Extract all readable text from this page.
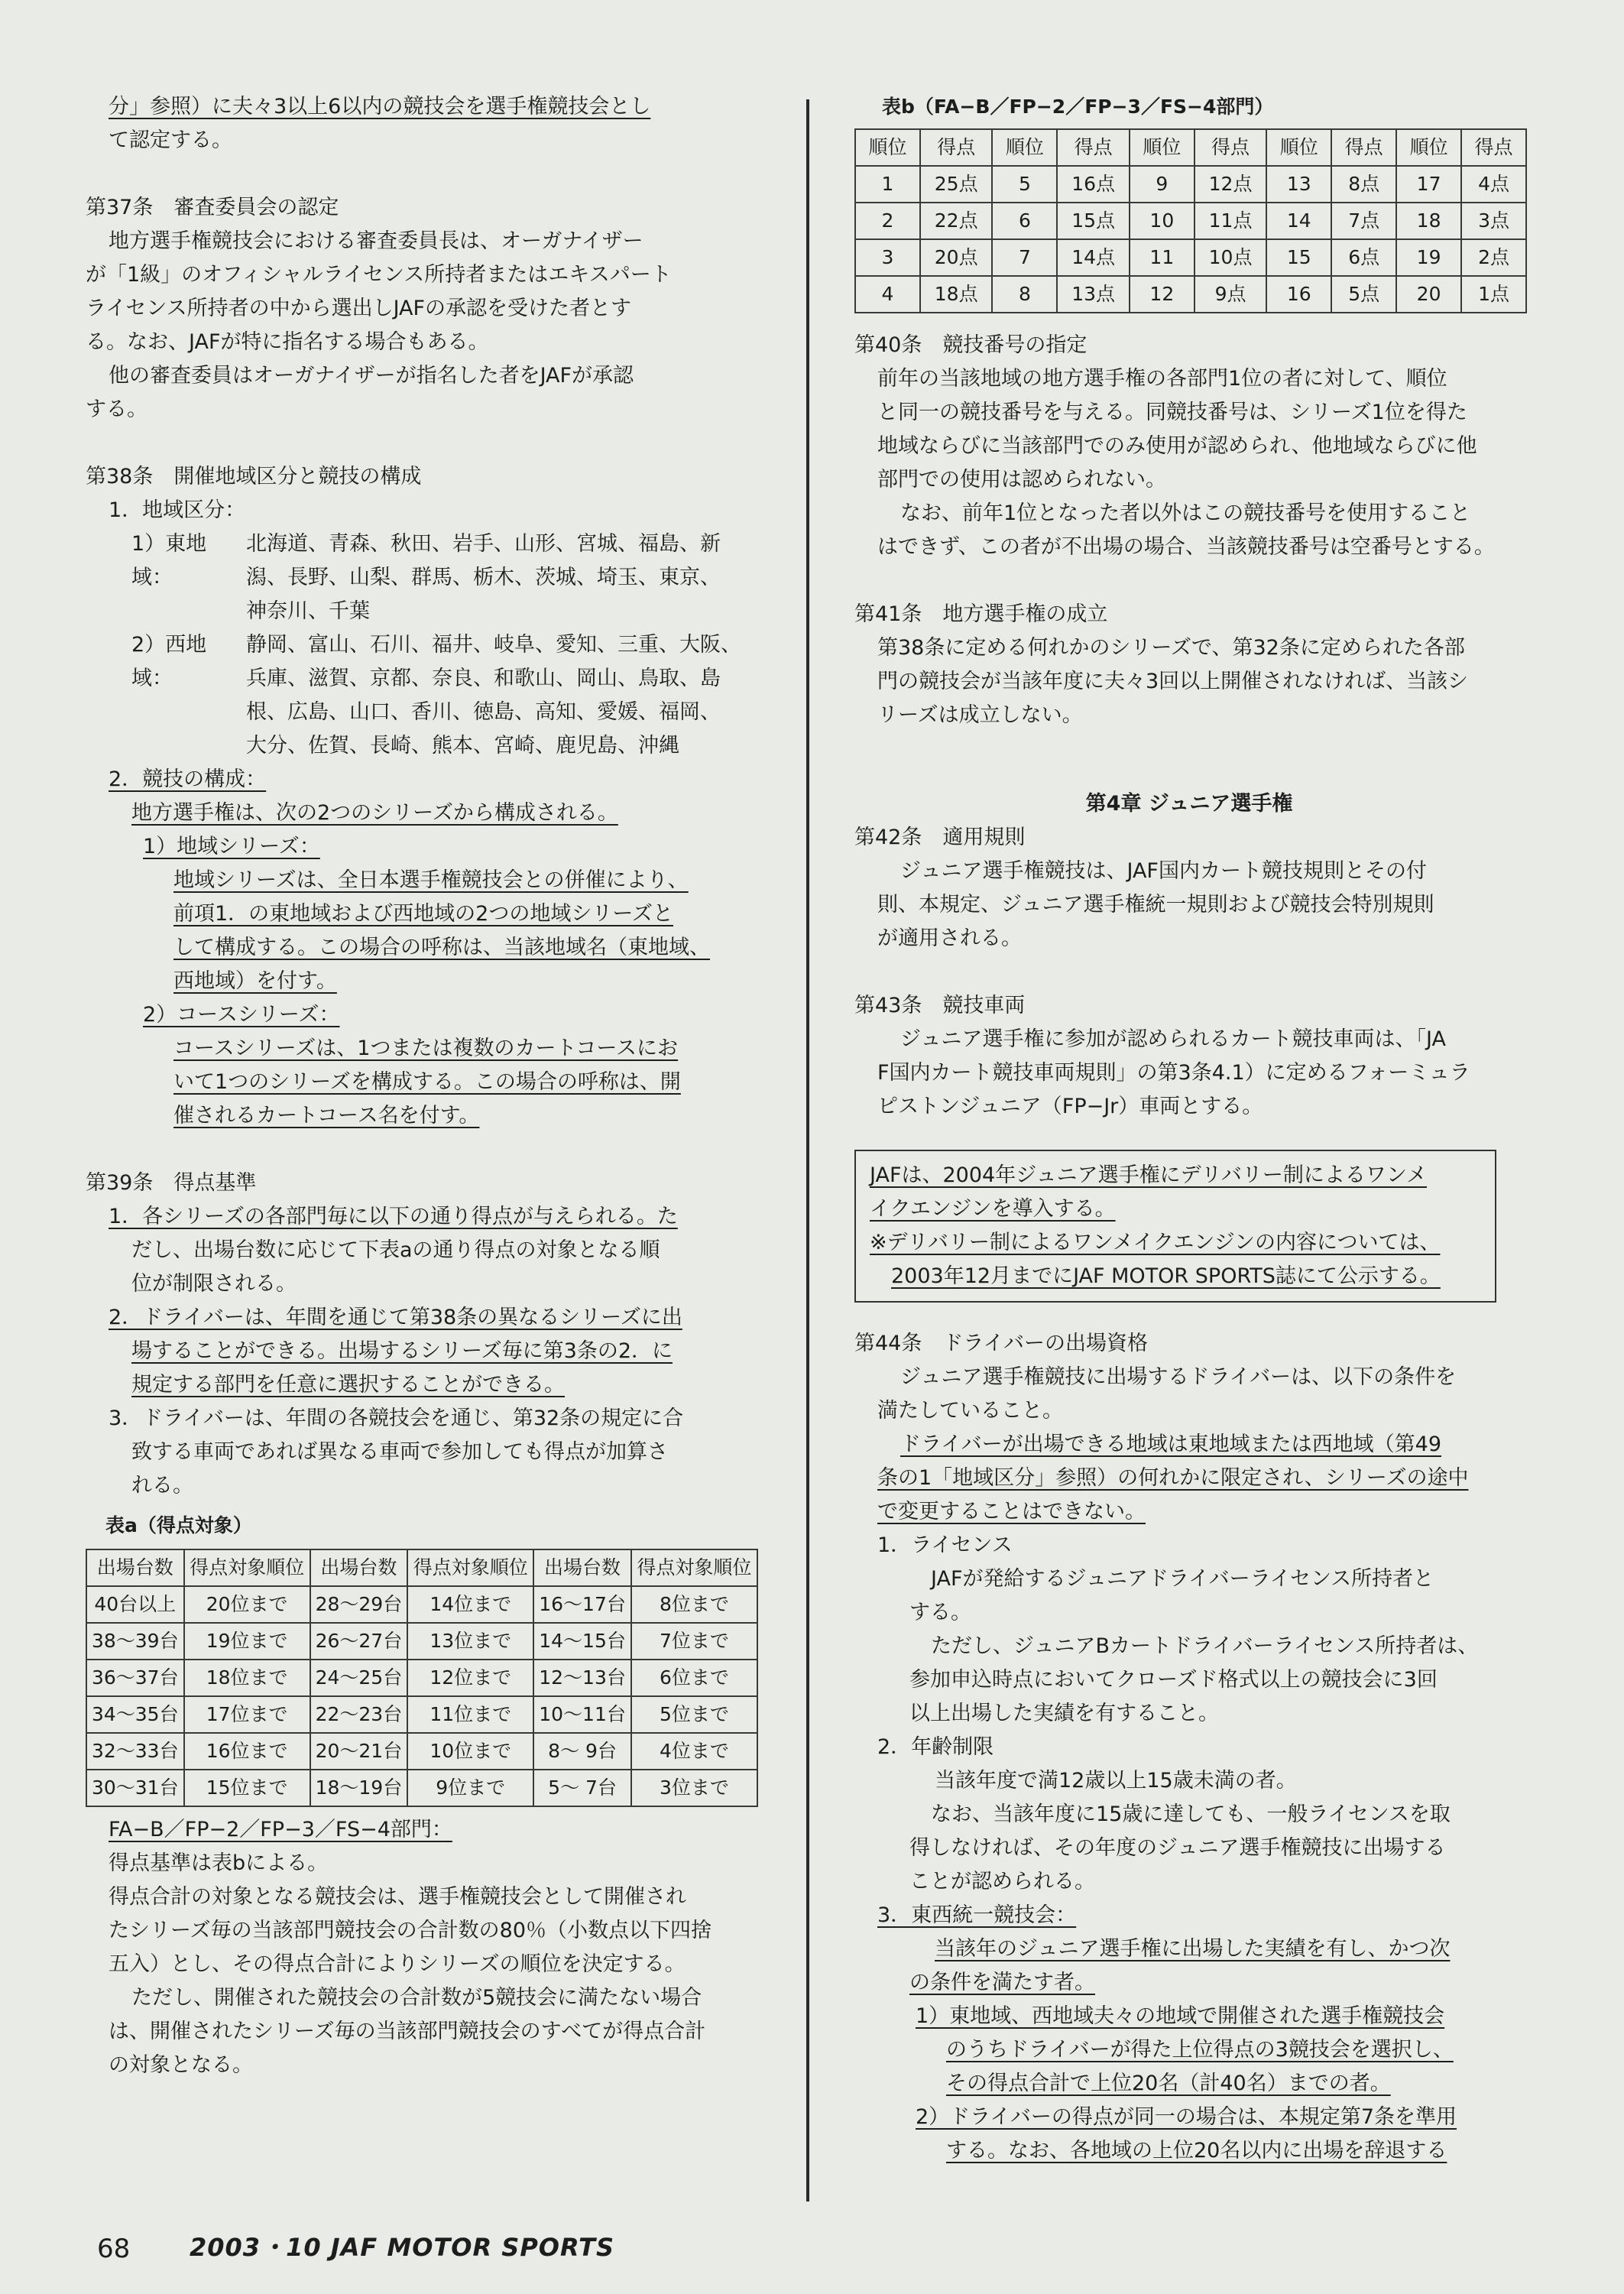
分」参照）に夫々3以上6以内の競技会を選手権競技会とし

て認定する。

第37条　審査委員会の認定

地方選手権競技会における審査委員長は、オーガナイザー

が「1級」のオフィシャルライセンス所持者またはエキスパート

ライセンス所持者の中から選出しJAFの承認を受けた者とす

る。なお、JAFが特に指名する場合もある。

他の審査委員はオーガナイザーが指名した者をJAFが承認

する。

第38条　開催地域区分と競技の構成

1．地域区分：

1）東地域：

北海道、青森、秋田、岩手、山形、宮城、福島、新

潟、長野、山梨、群馬、栃木、茨城、埼玉、東京、

神奈川、千葉

2）西地域：

静岡、富山、石川、福井、岐阜、愛知、三重、大阪、

兵庫、滋賀、京都、奈良、和歌山、岡山、鳥取、島

根、広島、山口、香川、徳島、高知、愛媛、福岡、

大分、佐賀、長崎、熊本、宮崎、鹿児島、沖縄

2．競技の構成：

地方選手権は、次の2つのシリーズから構成される。

1）地域シリーズ：

地域シリーズは、全日本選手権競技会との併催により、

前項1．の東地域および西地域の2つの地域シリーズと

して構成する。この場合の呼称は、当該地域名（東地域、

西地域）を付す。

2）コースシリーズ：

コースシリーズは、1つまたは複数のカートコースにお

いて1つのシリーズを構成する。この場合の呼称は、開

催されるカートコース名を付す。

第39条　得点基準

1．各シリーズの各部門毎に以下の通り得点が与えられる。た

だし、出場台数に応じて下表aの通り得点の対象となる順

位が制限される。

2．ドライバーは、年間を通じて第38条の異なるシリーズに出

場することができる。出場するシリーズ毎に第3条の2．に

規定する部門を任意に選択することができる。

3．ドライバーは、年間の各競技会を通じ、第32条の規定に合

致する車両であれば異なる車両で参加しても得点が加算さ

れる。

表a（得点対象）

出場台数	得点対象順位	出場台数	得点対象順位	出場台数	得点対象順位
40台以上	20位まで	28〜29台	14位まで	16〜17台	8位まで
38〜39台	19位まで	26〜27台	13位まで	14〜15台	7位まで
36〜37台	18位まで	24〜25台	12位まで	12〜13台	6位まで
34〜35台	17位まで	22〜23台	11位まで	10〜11台	5位まで
32〜33台	16位まで	20〜21台	10位まで	8〜 9台	4位まで
30〜31台	15位まで	18〜19台	9位まで	5〜 7台	3位まで

FA−B／FP−2／FP−3／FS−4部門：

得点基準は表bによる。

得点合計の対象となる競技会は、選手権競技会として開催され

たシリーズ毎の当該部門競技会の合計数の80％（小数点以下四捨

五入）とし、その得点合計によりシリーズの順位を決定する。

ただし、開催された競技会の合計数が5競技会に満たない場合

は、開催されたシリーズ毎の当該部門競技会のすべてが得点合計

の対象となる。

表b（FA−B／FP−2／FP−3／FS−4部門）

順位	得点	順位	得点	順位	得点	順位	得点	順位	得点
1	25点	5	16点	9	12点	13	8点	17	4点
2	22点	6	15点	10	11点	14	7点	18	3点
3	20点	7	14点	11	10点	15	6点	19	2点
4	18点	8	13点	12	9点	16	5点	20	1点

第40条　競技番号の指定

前年の当該地域の地方選手権の各部門1位の者に対して、順位

と同一の競技番号を与える。同競技番号は、シリーズ1位を得た

地域ならびに当該部門でのみ使用が認められ、他地域ならびに他

部門での使用は認められない。

なお、前年1位となった者以外はこの競技番号を使用すること

はできず、この者が不出場の場合、当該競技番号は空番号とする。

第41条　地方選手権の成立

第38条に定める何れかのシリーズで、第32条に定められた各部

門の競技会が当該年度に夫々3回以上開催されなければ、当該シ

リーズは成立しない。

第4章 ジュニア選手権

第42条　適用規則

ジュニア選手権競技は、JAF国内カート競技規則とその付

則、本規定、ジュニア選手権統一規則および競技会特別規則

が適用される。

第43条　競技車両

ジュニア選手権に参加が認められるカート競技車両は、「JA

F国内カート競技車両規則」の第3条4.1）に定めるフォーミュラ

ピストンジュニア（FP−Jr）車両とする。

JAFは、2004年ジュニア選手権にデリバリー制によるワンメ

イクエンジンを導入する。

※デリバリー制によるワンメイクエンジンの内容については、

2003年12月までにJAF MOTOR SPORTS誌にて公示する。

第44条　ドライバーの出場資格

ジュニア選手権競技に出場するドライバーは、以下の条件を

満たしていること。

ドライバーが出場できる地域は東地域または西地域（第49

条の1「地域区分」参照）の何れかに限定され、シリーズの途中

で変更することはできない。

1．ライセンス

JAFが発給するジュニアドライバーライセンス所持者と

する。

ただし、ジュニアBカートドライバーライセンス所持者は、

参加申込時点においてクローズド格式以上の競技会に3回

以上出場した実績を有すること。

2．年齢制限

当該年度で満12歳以上15歳未満の者。

なお、当該年度に15歳に達しても、一般ライセンスを取

得しなければ、その年度のジュニア選手権競技に出場する

ことが認められる。

3．東西統一競技会：

当該年のジュニア選手権に出場した実績を有し、かつ次

の条件を満たす者。

1）東地域、西地域夫々の地域で開催された選手権競技会

のうちドライバーが得た上位得点の3競技会を選択し、

その得点合計で上位20名（計40名）までの者。

2）ドライバーの得点が同一の場合は、本規定第7条を準用

する。なお、各地域の上位20名以内に出場を辞退する

68 2003・10 JAF MOTOR SPORTS
